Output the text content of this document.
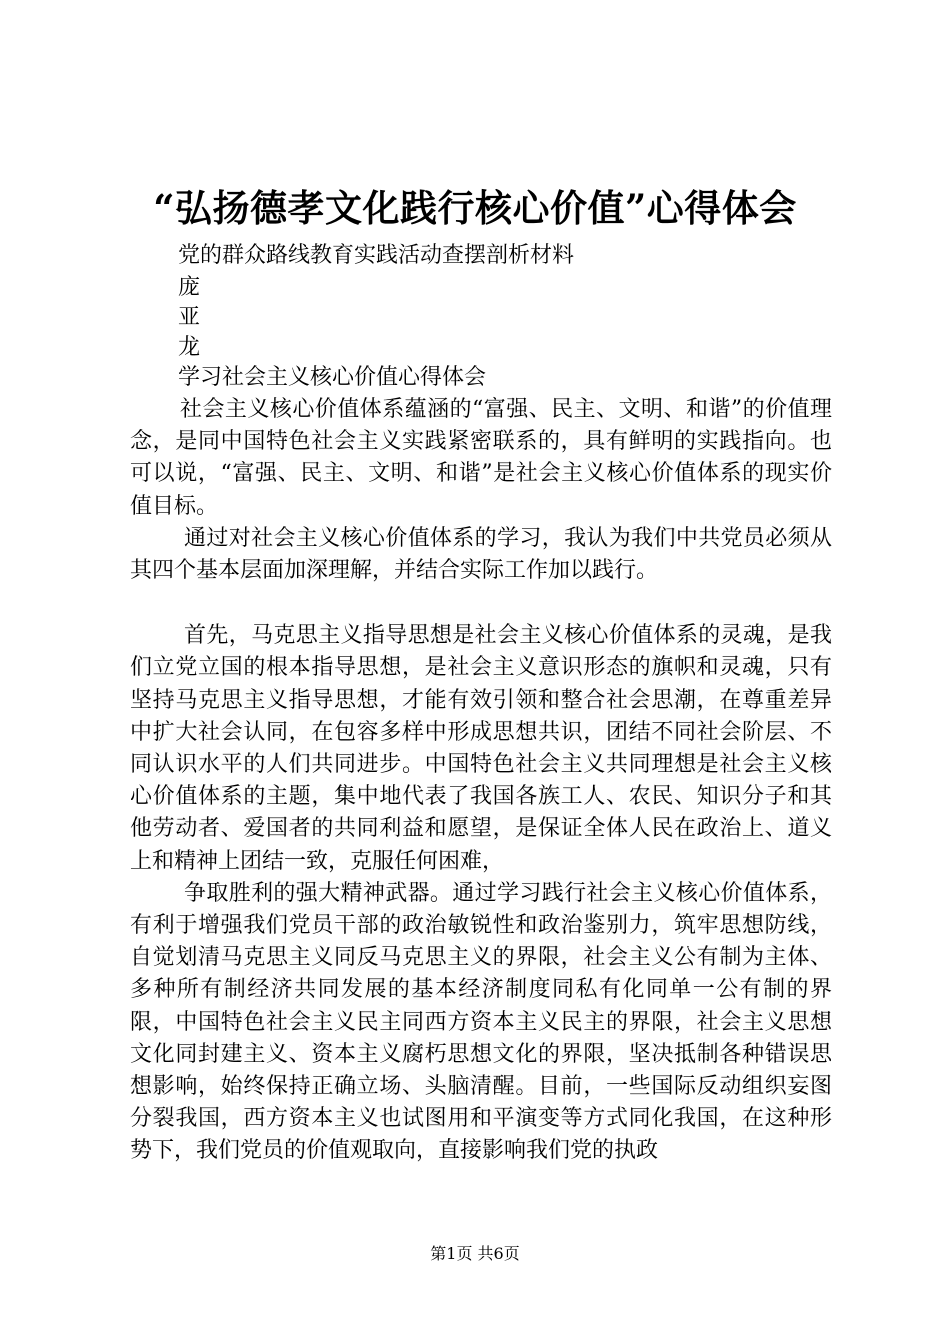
“弘扬德孝文化践行核心价值”心得体会
党的群众路线教育实践活动查摆剖析材料
庞
亚
龙
学习社会主义核心价值心得体会

社会主义核心价值体系蕴涵的“富强、民主、文明、和谐”的价值理念，是同中国特色社会主义实践紧密联系的，具有鲜明的实践指向。也可以说，“富强、民主、文明、和谐”是社会主义核心价值体系的现实价值目标。

通过对社会主义核心价值体系的学习，我认为我们中共党员必须从其四个基本层面加深理解，并结合实际工作加以践行。

首先，马克思主义指导思想是社会主义核心价值体系的灵魂，是我们立党立国的根本指导思想，是社会主义意识形态的旗帜和灵魂，只有坚持马克思主义指导思想，才能有效引领和整合社会思潮，在尊重差异中扩大社会认同，在包容多样中形成思想共识，团结不同社会阶层、不同认识水平的人们共同进步。中国特色社会主义共同理想是社会主义核心价值体系的主题，集中地代表了我国各族工人、农民、知识分子和其他劳动者、爱国者的共同利益和愿望，是保证全体人民在政治上、道义上和精神上团结一致，克服任何困难，

争取胜利的强大精神武器。通过学习践行社会主义核心价值体系，有利于增强我们党员干部的政治敏锐性和政治鉴别力，筑牢思想防线，自觉划清马克思主义同反马克思主义的界限，社会主义公有制为主体、多种所有制经济共同发展的基本经济制度同私有化同单一公有制的界限，中国特色社会主义民主同西方资本主义民主的界限，社会主义思想文化同封建主义、资本主义腐朽思想文化的界限，坚决抵制各种错误思想影响，始终保持正确立场、头脑清醒。目前，一些国际反动组织妄图分裂我国，西方资本主义也试图用和平演变等方式同化我国，在这种形势下，我们党员的价值观取向，直接影响我们党的执政

第1页 共6页
